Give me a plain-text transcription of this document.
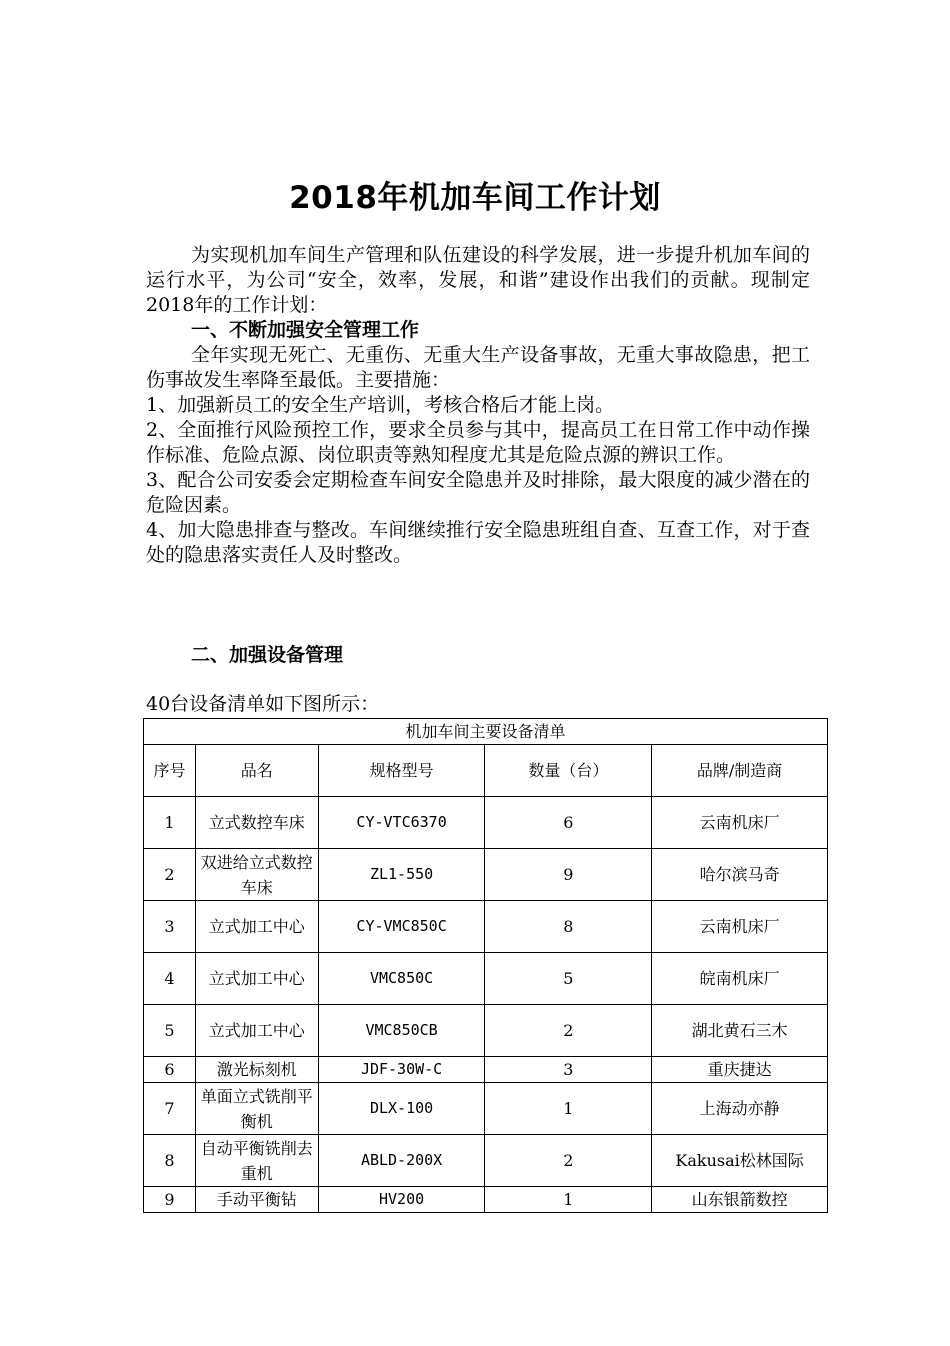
2018年机加车间工作计划

为实现机加车间生产管理和队伍建设的科学发展，进一步提升机加车间的运行水平，为公司“安全，效率，发展，和谐”建设作出我们的贡献。现制定2018年的工作计划：

一、不断加强安全管理工作

全年实现无死亡、无重伤、无重大生产设备事故，无重大事故隐患，把工伤事故发生率降至最低。主要措施：

1、加强新员工的安全生产培训，考核合格后才能上岗。

2、全面推行风险预控工作，要求全员参与其中，提高员工在日常工作中动作操作标准、危险点源、岗位职责等熟知程度尤其是危险点源的辨识工作。

3、配合公司安委会定期检查车间安全隐患并及时排除，最大限度的减少潜在的危险因素。

4、加大隐患排查与整改。车间继续推行安全隐患班组自查、互查工作，对于查处的隐患落实责任人及时整改。

二、加强设备管理
40台设备清单如下图所示：
机加车间主要设备清单				
序号	品名	规格型号	数量（台）	品牌/制造商
1	立式数控车床	CY-VTC6370	6	云南机床厂
2	双进给立式数控车床	ZL1-550	9	哈尔滨马奇
3	立式加工中心	CY-VMC850C	8	云南机床厂
4	立式加工中心	VMC850C	5	皖南机床厂
5	立式加工中心	VMC850CB	2	湖北黄石三木
6	激光标刻机	JDF-30W-C	3	重庆捷达
7	单面立式铣削平衡机	DLX-100	1	上海动亦静
8	自动平衡铣削去重机	ABLD-200X	2	Kakusai松林国际
9	手动平衡钻	HV200	1	山东银箭数控
